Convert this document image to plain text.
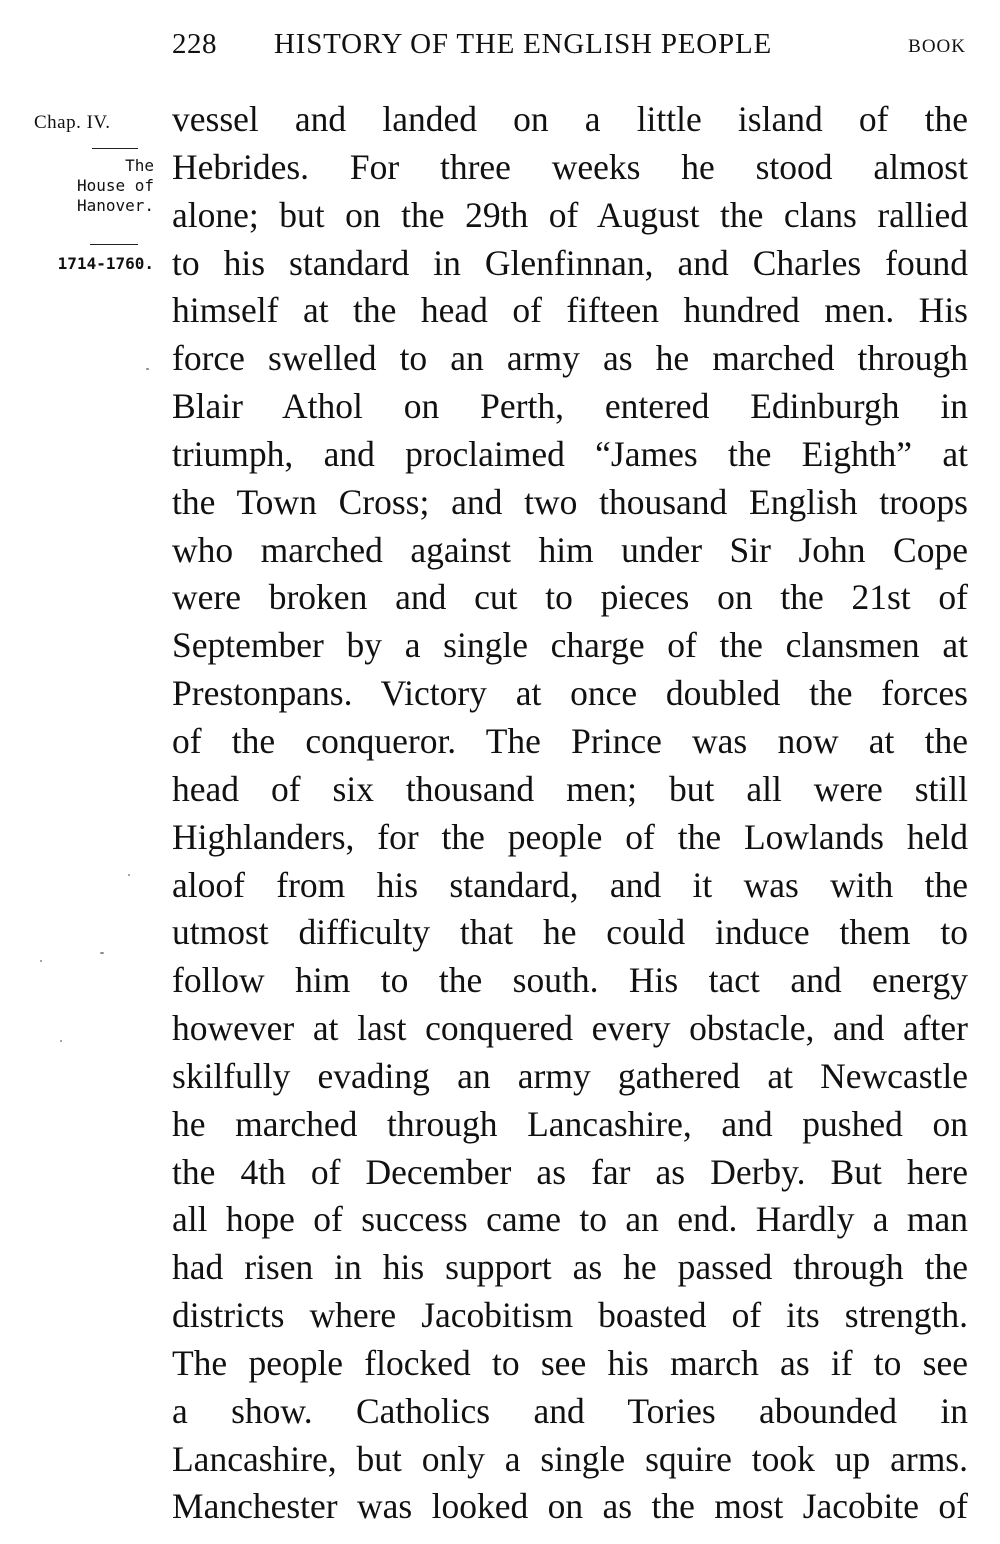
228 HISTORY OF THE ENGLISH PEOPLE	BOOK
Chap. IV.
The
House of
Hanover.
1714-1760.
vessel and landed on a little island of the
Hebrides. For three weeks he stood almost
alone; but on the 29th of August the clans rallied
to his standard in Glenfinnan, and Charles found
himself at the head of fifteen hundred men. His
force swelled to an army as he marched through
Blair Athol on Perth, entered Edinburgh in
triumph, and proclaimed “James the Eighth” at
the Town Cross; and two thousand English troops
who marched against him under Sir John Cope
were broken and cut to pieces on the 21st of
September by a single charge of the clansmen at
Prestonpans. Victory at once doubled the forces
of the conqueror. The Prince was now at the
head of six thousand men; but all were still
Highlanders, for the people of the Lowlands held
aloof from his standard, and it was with the
utmost difficulty that he could induce them to
follow him to the south. His tact and energy
however at last conquered every obstacle, and after
skilfully evading an army gathered at Newcastle
he marched through Lancashire, and pushed on
the 4th of December as far as Derby. But here
all hope of success came to an end. Hardly a man
had risen in his support as he passed through the
districts where Jacobitism boasted of its strength.
The people flocked to see his march as if to see
a show. Catholics and Tories abounded in
Lancashire, but only a single squire took up arms.
Manchester was looked on as the most Jacobite of
